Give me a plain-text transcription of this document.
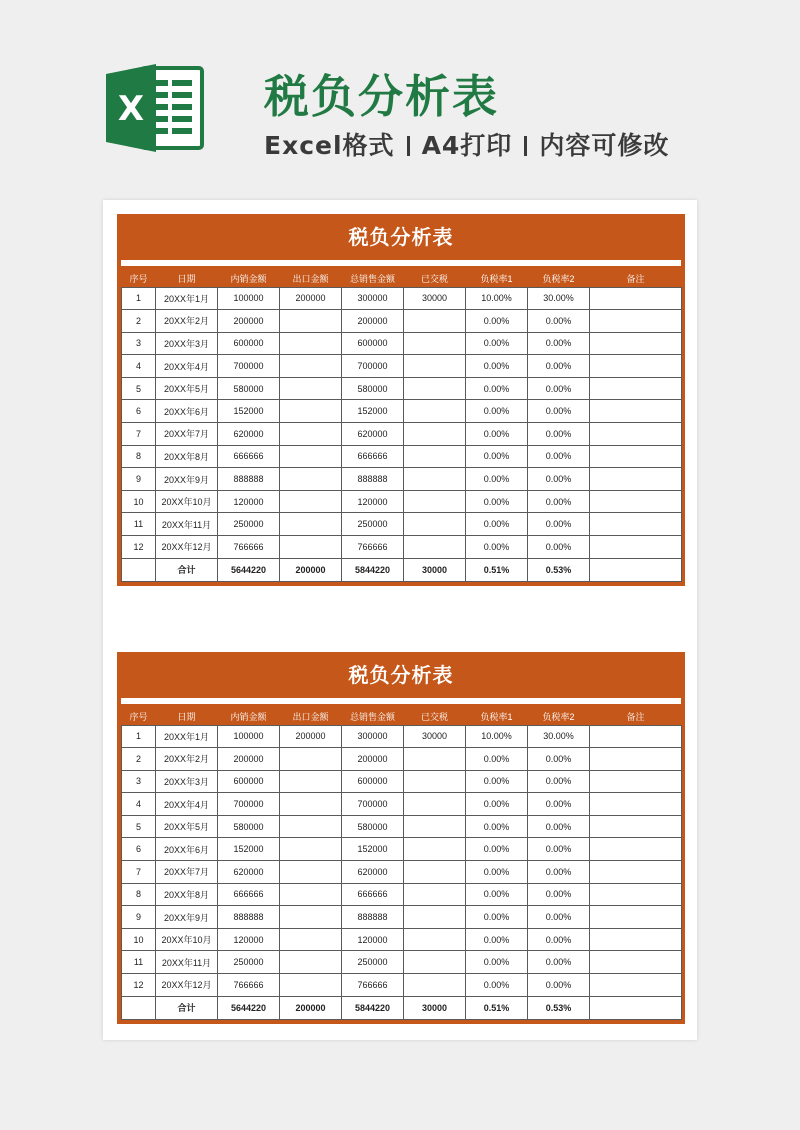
X	税负分析表
Excel格式 A4打印 内容可修改
税负分析表
序号	日期	内销金额	出口金额	总销售金额	已交税	负税率1	负税率2	备注
1	20XX年1月	100000	200000	300000	30000	10.00%	30.00%	
2	20XX年2月	200000		200000		0.00%	0.00%	
3	20XX年3月	600000		600000		0.00%	0.00%	
4	20XX年4月	700000		700000		0.00%	0.00%	
5	20XX年5月	580000		580000		0.00%	0.00%	
6	20XX年6月	152000		152000		0.00%	0.00%	
7	20XX年7月	620000		620000		0.00%	0.00%	
8	20XX年8月	666666		666666		0.00%	0.00%	
9	20XX年9月	888888		888888		0.00%	0.00%	
10	20XX年10月	120000		120000		0.00%	0.00%	
11	20XX年11月	250000		250000		0.00%	0.00%	
12	20XX年12月	766666		766666		0.00%	0.00%	
	合计	5644220	200000	5844220	30000	0.51%	0.53%	
税负分析表
序号	日期	内销金额	出口金额	总销售金额	已交税	负税率1	负税率2	备注
1	20XX年1月	100000	200000	300000	30000	10.00%	30.00%	
2	20XX年2月	200000		200000		0.00%	0.00%	
3	20XX年3月	600000		600000		0.00%	0.00%	
4	20XX年4月	700000		700000		0.00%	0.00%	
5	20XX年5月	580000		580000		0.00%	0.00%	
6	20XX年6月	152000		152000		0.00%	0.00%	
7	20XX年7月	620000		620000		0.00%	0.00%	
8	20XX年8月	666666		666666		0.00%	0.00%	
9	20XX年9月	888888		888888		0.00%	0.00%	
10	20XX年10月	120000		120000		0.00%	0.00%	
11	20XX年11月	250000		250000		0.00%	0.00%	
12	20XX年12月	766666		766666		0.00%	0.00%	
	合计	5644220	200000	5844220	30000	0.51%	0.53%	
